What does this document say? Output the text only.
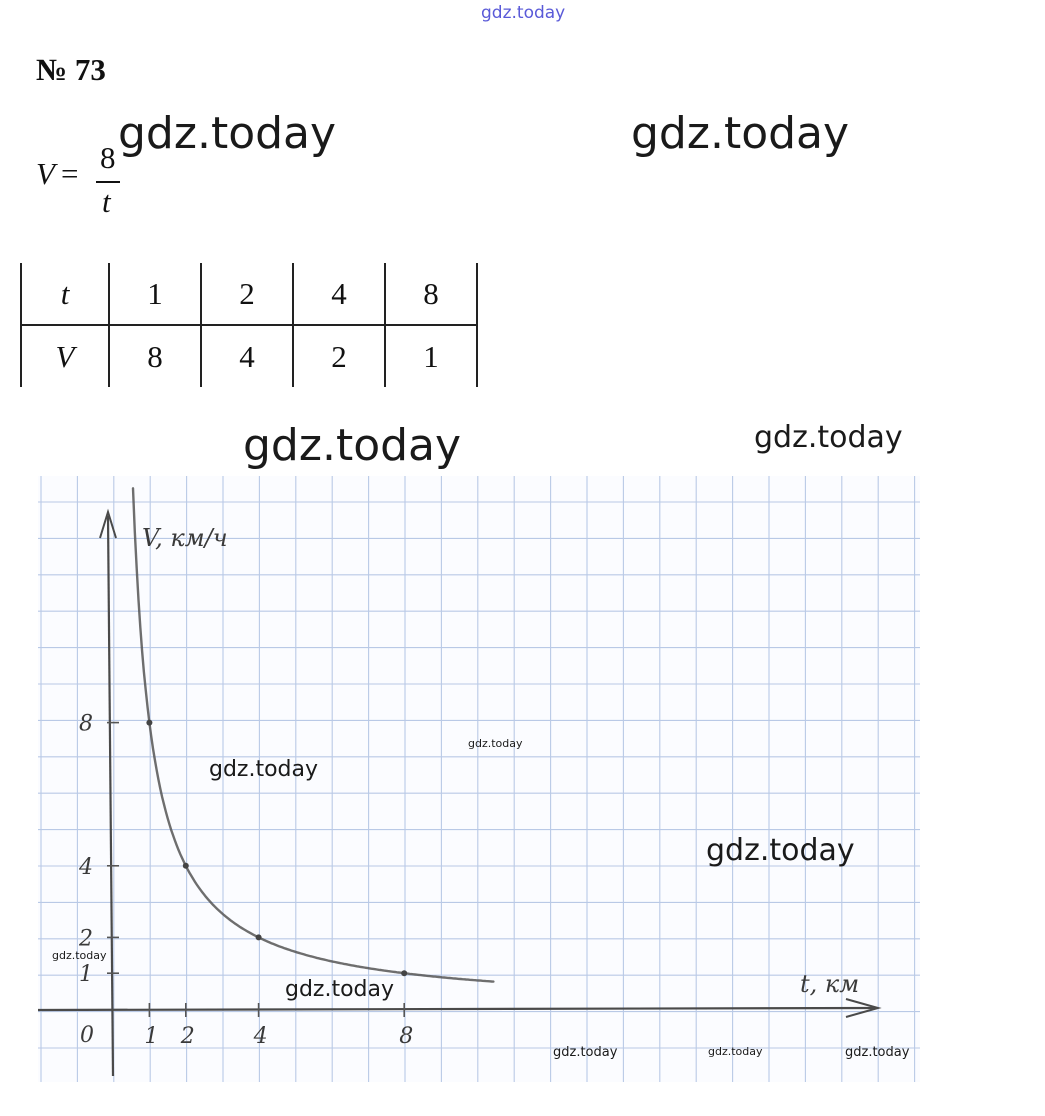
gdz.today
№ 73
V = 8
t
gdz.today	gdz.today
t	1	2	4	8
V	8	4	2	1
gdz.today	gdz.today
1 2	4	8
8
4
2
1
V, км/ч
t, км
0
gdz.today
gdz.today
gdz.today
gdz.today
gdz.today
gdz.today	gdz.today	gdz.today
